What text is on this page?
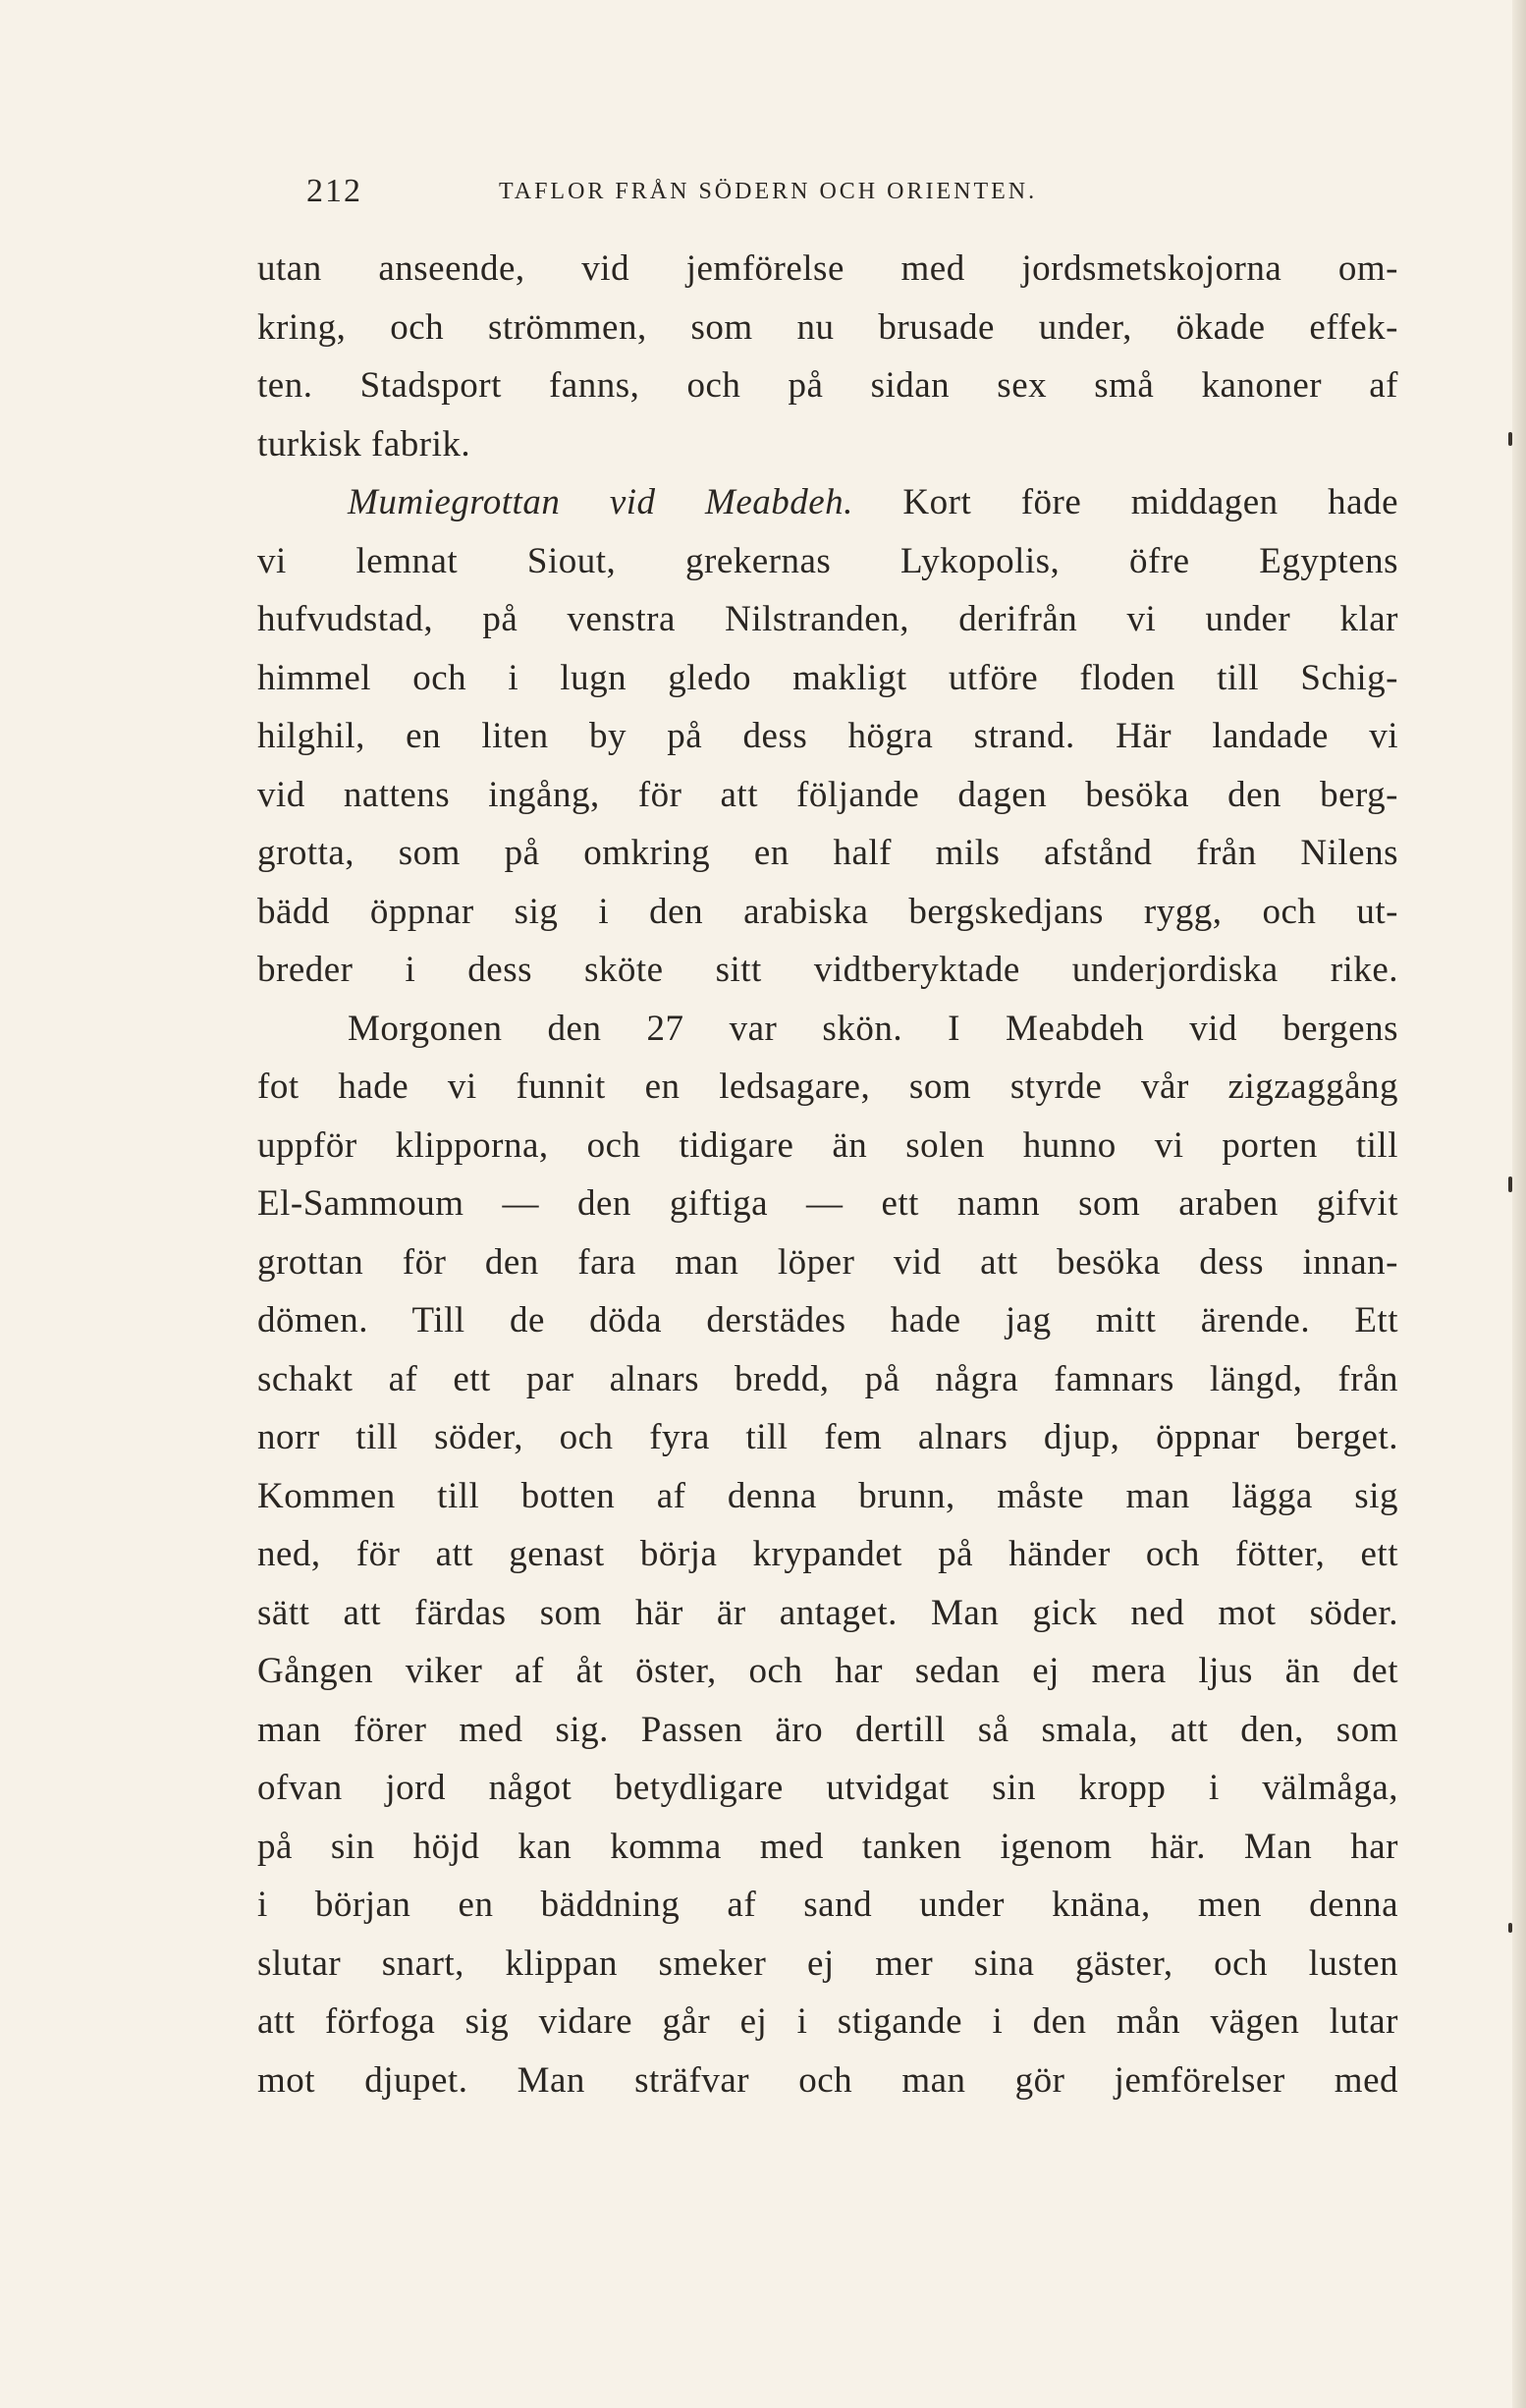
212	TAFLOR FRÅN SÖDERN OCH ORIENTEN.
utan anseende, vid jemförelse med jordsmetskojorna om-
kring, och strömmen, som nu brusade under, ökade effek-
ten. Stadsport fanns, och på sidan sex små kanoner af
turkisk fabrik.
Mumiegrottan vid Meabdeh. Kort före middagen hade
vi lemnat Siout, grekernas Lykopolis, öfre Egyptens
hufvudstad, på venstra Nilstranden, derifrån vi under klar
himmel och i lugn gledo makligt utföre floden till Schig-
hilghil, en liten by på dess högra strand. Här landade vi
vid nattens ingång, för att följande dagen besöka den berg-
grotta, som på omkring en half mils afstånd från Nilens
bädd öppnar sig i den arabiska bergskedjans rygg, och ut-
breder i dess sköte sitt vidtberyktade underjordiska rike.
Morgonen den 27 var skön. I Meabdeh vid bergens
fot hade vi funnit en ledsagare, som styrde vår zigzaggång
uppför klipporna, och tidigare än solen hunno vi porten till
El-Sammoum — den giftiga — ett namn som araben gifvit
grottan för den fara man löper vid att besöka dess innan-
dömen. Till de döda derstädes hade jag mitt ärende. Ett
schakt af ett par alnars bredd, på några famnars längd, från
norr till söder, och fyra till fem alnars djup, öppnar berget.
Kommen till botten af denna brunn, måste man lägga sig
ned, för att genast börja krypandet på händer och fötter, ett
sätt att färdas som här är antaget. Man gick ned mot söder.
Gången viker af åt öster, och har sedan ej mera ljus än det
man förer med sig. Passen äro dertill så smala, att den, som
ofvan jord något betydligare utvidgat sin kropp i välmåga,
på sin höjd kan komma med tanken igenom här. Man har
i början en bäddning af sand under knäna, men denna
slutar snart, klippan smeker ej mer sina gäster, och lusten
att förfoga sig vidare går ej i stigande i den mån vägen lutar
mot djupet. Man sträfvar och man gör jemförelser med
